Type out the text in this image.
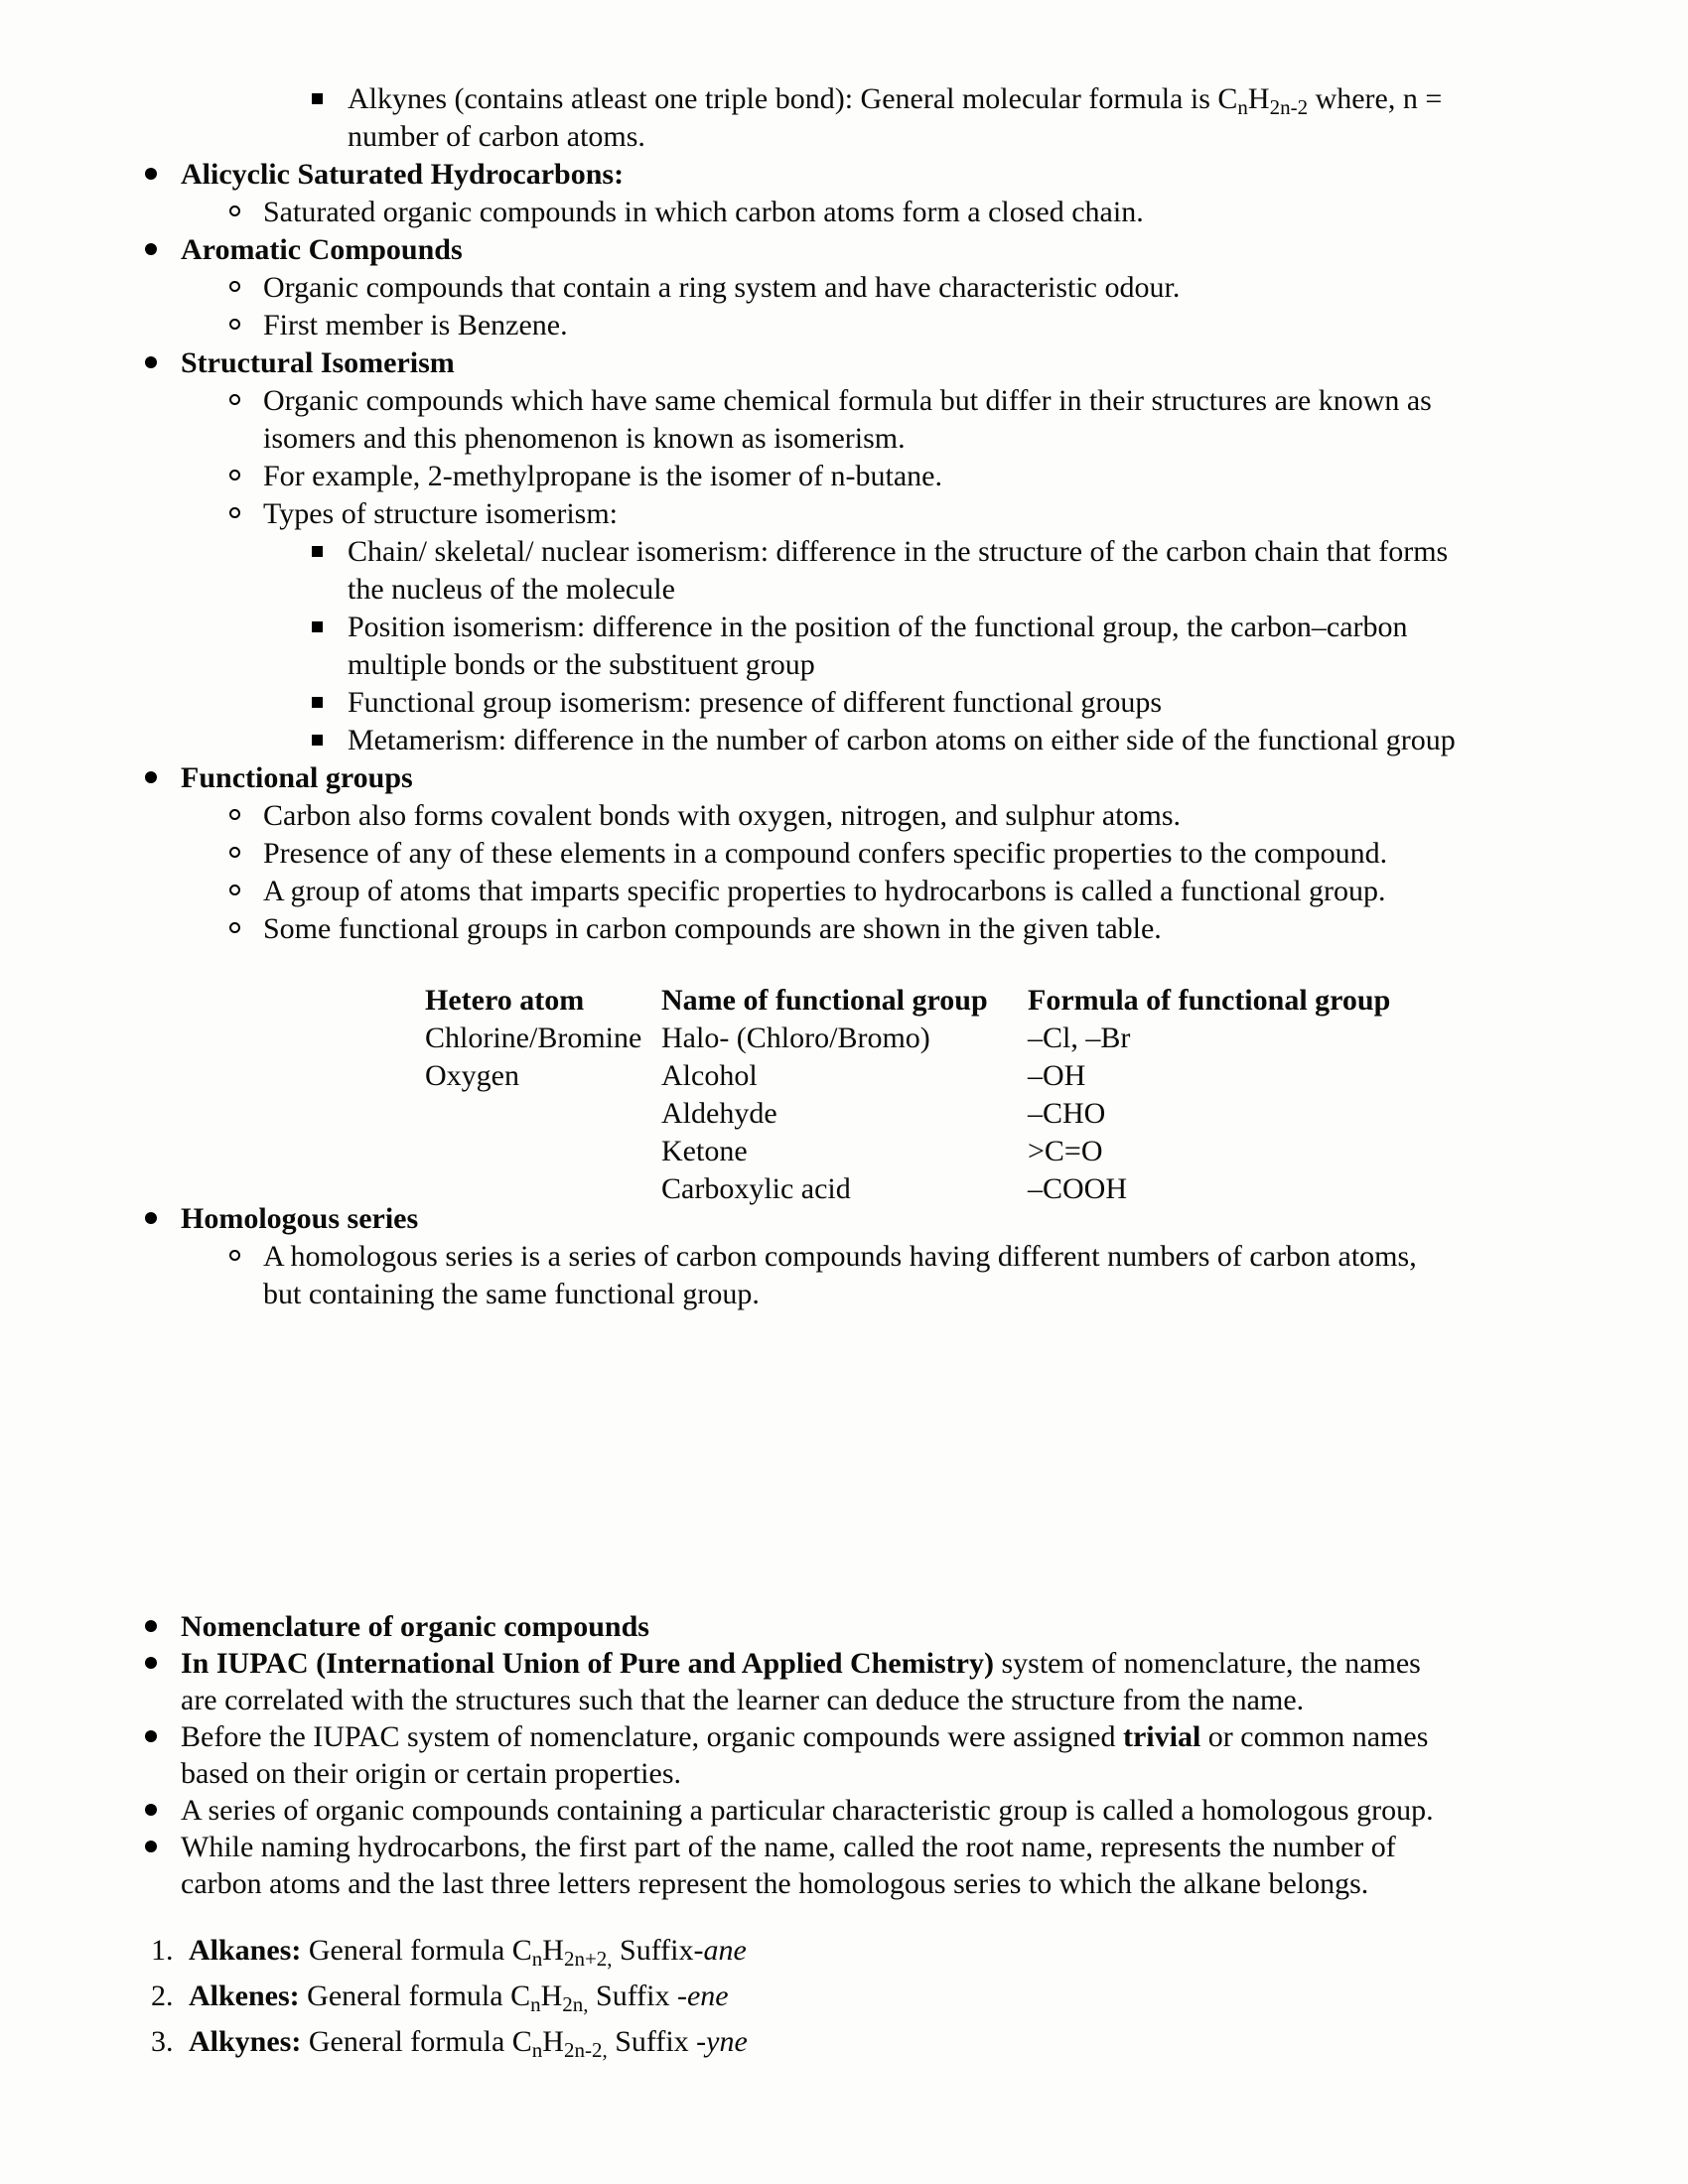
Alkynes (contains atleast one triple bond): General molecular formula is $C_nH_{2n-2}$ where, n =
number of carbon atoms.
Alicyclic Saturated Hydrocarbons:
Saturated organic compounds in which carbon atoms form a closed chain.
Aromatic Compounds
Organic compounds that contain a ring system and have characteristic odour.
First member is Benzene.
Structural Isomerism
Organic compounds which have same chemical formula but differ in their structures are known as
isomers and this phenomenon is known as isomerism.
For example, 2-methylpropane is the isomer of n-butane.
Types of structure isomerism:
Chain/ skeletal/ nuclear isomerism: difference in the structure of the carbon chain that forms
the nucleus of the molecule
Position isomerism: difference in the position of the functional group, the carbon–carbon
multiple bonds or the substituent group
Functional group isomerism: presence of different functional groups
Metamerism: difference in the number of carbon atoms on either side of the functional group
Functional groups
Carbon also forms covalent bonds with oxygen, nitrogen, and sulphur atoms.
Presence of any of these elements in a compound confers specific properties to the compound.
A group of atoms that imparts specific properties to hydrocarbons is called a functional group.
Some functional groups in carbon compounds are shown in the given table.
Hetero atom	Name of functional group	Formula of functional group
Chlorine/Bromine	Halo- (Chloro/Bromo)	–Cl, –Br
Oxygen	Alcohol	–OH
	Aldehyde	–CHO
	Ketone	>C=O
	Carboxylic acid	–COOH
Homologous series
A homologous series is a series of carbon compounds having different numbers of carbon atoms,
but containing the same functional group.
Nomenclature of organic compounds
In IUPAC (International Union of Pure and Applied Chemistry) system of nomenclature, the names
are correlated with the structures such that the learner can deduce the structure from the name.
Before the IUPAC system of nomenclature, organic compounds were assigned trivial or common names
based on their origin or certain properties.
A series of organic compounds containing a particular characteristic group is called a homologous group.
While naming hydrocarbons, the first part of the name, called the root name, represents the number of
carbon atoms and the last three letters represent the homologous series to which the alkane belongs.
1. Alkanes: General formula $C_nH_{2n+2,}$ Suffix-ane
2. Alkenes: General formula $C_nH_{2n,}$ Suffix -ene
3. Alkynes: General formula $C_nH_{2n-2,}$ Suffix -yne
